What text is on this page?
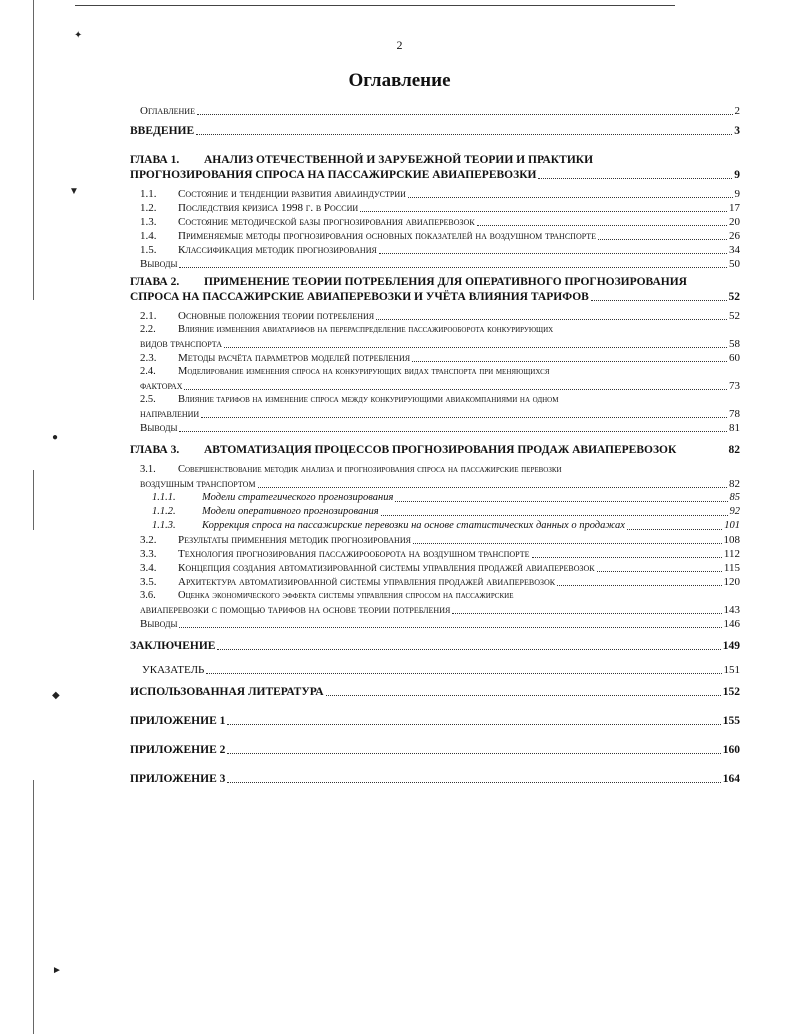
✦
▼
●
◆
►
2
Оглавление
Оглавление	2
ВВЕДЕНИЕ	3
ГЛАВА 1. АНАЛИЗ ОТЕЧЕСТВЕННОЙ И ЗАРУБЕЖНОЙ ТЕОРИИ И ПРАКТИКИ
ПРОГНОЗИРОВАНИЯ СПРОСА НА ПАССАЖИРСКИЕ АВИАПЕРЕВОЗКИ	9
1.1.	Состояние и тенденции развития авиаиндустрии	9
1.2.	Последствия кризиса 1998 г. в России	17
1.3.	Состояние методической базы прогнозирования авиаперевозок	20
1.4.	Применяемые методы прогнозирования основных показателей на воздушном транспорте	26
1.5.	Классификация методик прогнозирования	34
Выводы	50
ГЛАВА 2. ПРИМЕНЕНИЕ ТЕОРИИ ПОТРЕБЛЕНИЯ ДЛЯ ОПЕРАТИВНОГО ПРОГНОЗИРОВАНИЯ
СПРОСА НА ПАССАЖИРСКИЕ АВИАПЕРЕВОЗКИ И УЧЁТА ВЛИЯНИЯ ТАРИФОВ	52
2.1.	Основные положения теории потребления	52
2.2. Влияние изменения авиатарифов на перераспределение пассажирооборота конкурирующих
видов транспорта	58
2.3.	Методы расчёта параметров моделей потребления	60
2.4. Моделирование изменения спроса на конкурирующих видах транспорта при меняющихся
факторах	73
2.5. Влияние тарифов на изменение спроса между конкурирующими авиакомпаниями на одном
направлении	78
Выводы	81
ГЛАВА 3.	АВТОМАТИЗАЦИЯ ПРОЦЕССОВ ПРОГНОЗИРОВАНИЯ ПРОДАЖ АВИАПЕРЕВОЗОК	82
3.1. Совершенствование методик анализа и прогнозирования спроса на пассажирские перевозки
воздушным транспортом	82
1.1.1.	Модели стратегического прогнозирования	85
1.1.2.	Модели оперативного прогнозирования	92
1.1.3.	Коррекция спроса на пассажирские перевозки на основе статистических данных о продажах	101
3.2.	Результаты применения методик прогнозирования	108
3.3.	Технология прогнозирования пассажирооборота на воздушном транспорте	112
3.4.	Концепция создания автоматизированной системы управления продажей авиаперевозок	115
3.5.	Архитектура автоматизированной системы управления продажей авиаперевозок	120
3.6. Оценка экономического эффекта системы управления спросом на пассажирские
авиаперевозки с помощью тарифов на основе теории потребления	143
Выводы	146
ЗАКЛЮЧЕНИЕ	149
УКАЗАТЕЛЬ	151
ИСПОЛЬЗОВАННАЯ ЛИТЕРАТУРА	152
ПРИЛОЖЕНИЕ 1	155
ПРИЛОЖЕНИЕ 2	160
ПРИЛОЖЕНИЕ 3	164
